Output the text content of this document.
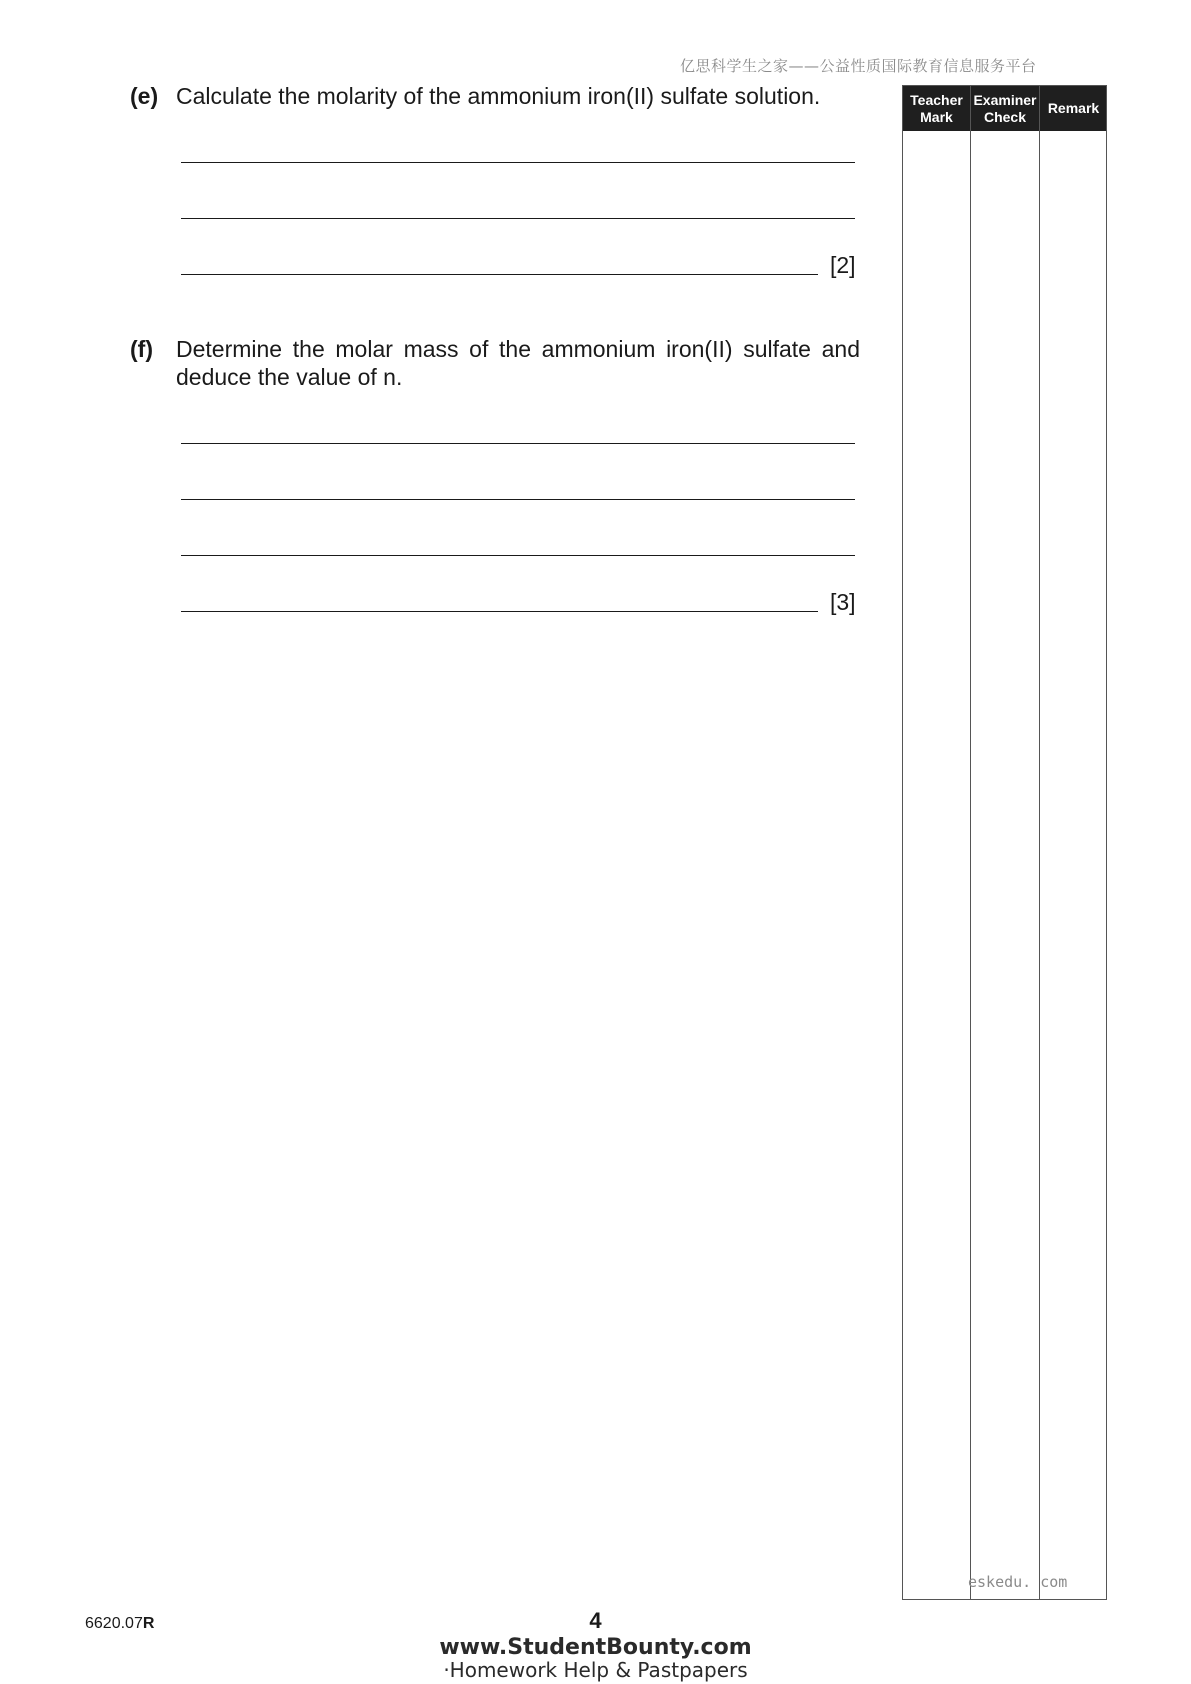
亿思科学生之家——公益性质国际教育信息服务平台
(e) Calculate the molarity of the ammonium iron(II) sulfate solution.
[2]
(f) Determine the molar mass of the ammonium iron(II) sulfate and deduce the value of n.
[3]
Teacher
Mark
Examiner
Check
Remark
eskedu. com
6620.07R	4
www.StudentBounty.com
·Homework Help & Pastpapers
